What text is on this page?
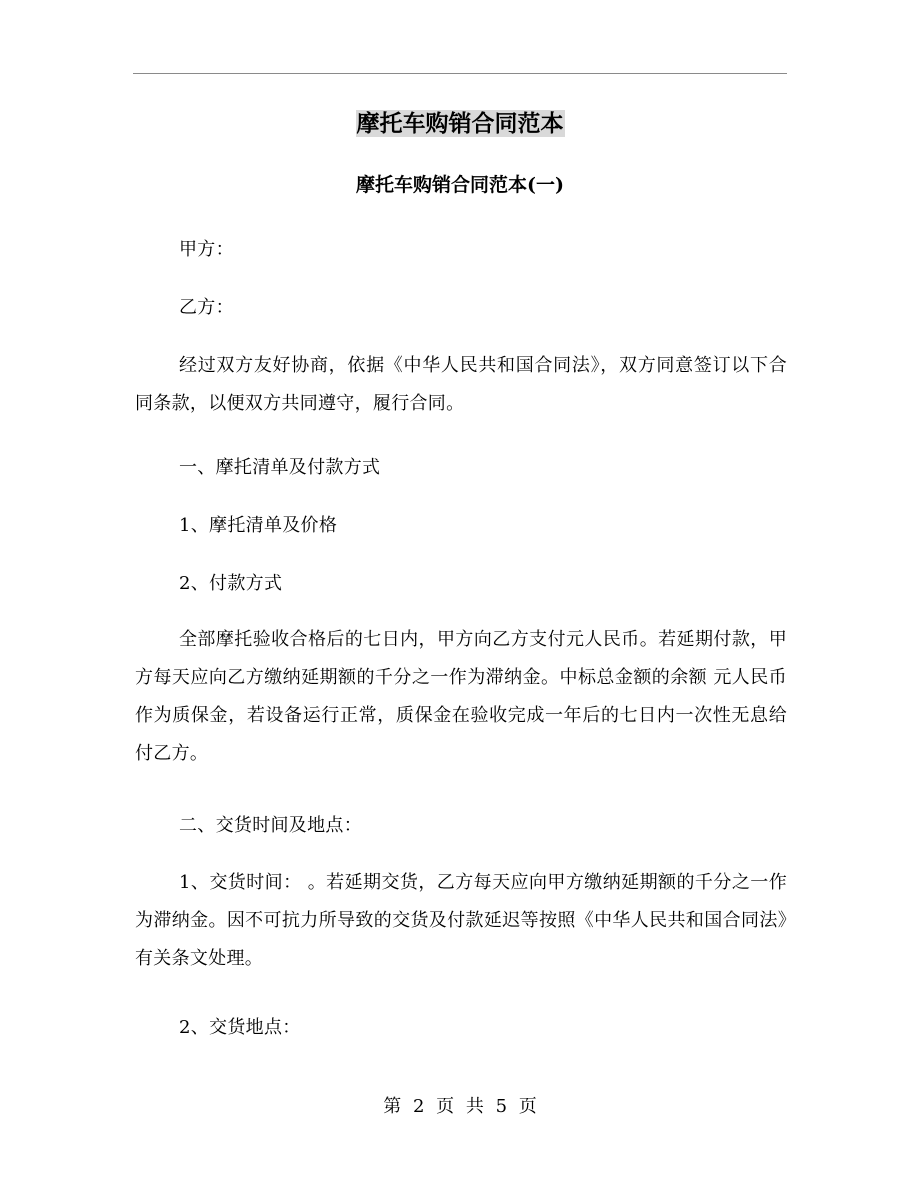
摩托车购销合同范本
摩托车购销合同范本(一)

甲方：

乙方：

经过双方友好协商，依据《中华人民共和国合同法》，双方同意签订以下合同条款，以便双方共同遵守，履行合同。

一、摩托清单及付款方式

1、摩托清单及价格

2、付款方式

全部摩托验收合格后的七日内，甲方向乙方支付元人民币。若延期付款，甲方每天应向乙方缴纳延期额的千分之一作为滞纳金。中标总金额的余额 元人民币作为质保金，若设备运行正常，质保金在验收完成一年后的七日内一次性无息给付乙方。

二、交货时间及地点：

1、交货时间： 。若延期交货，乙方每天应向甲方缴纳延期额的千分之一作为滞纳金。因不可抗力所导致的交货及付款延迟等按照《中华人民共和国合同法》有关条文处理。

2、交货地点：

第 2 页 共 5 页
